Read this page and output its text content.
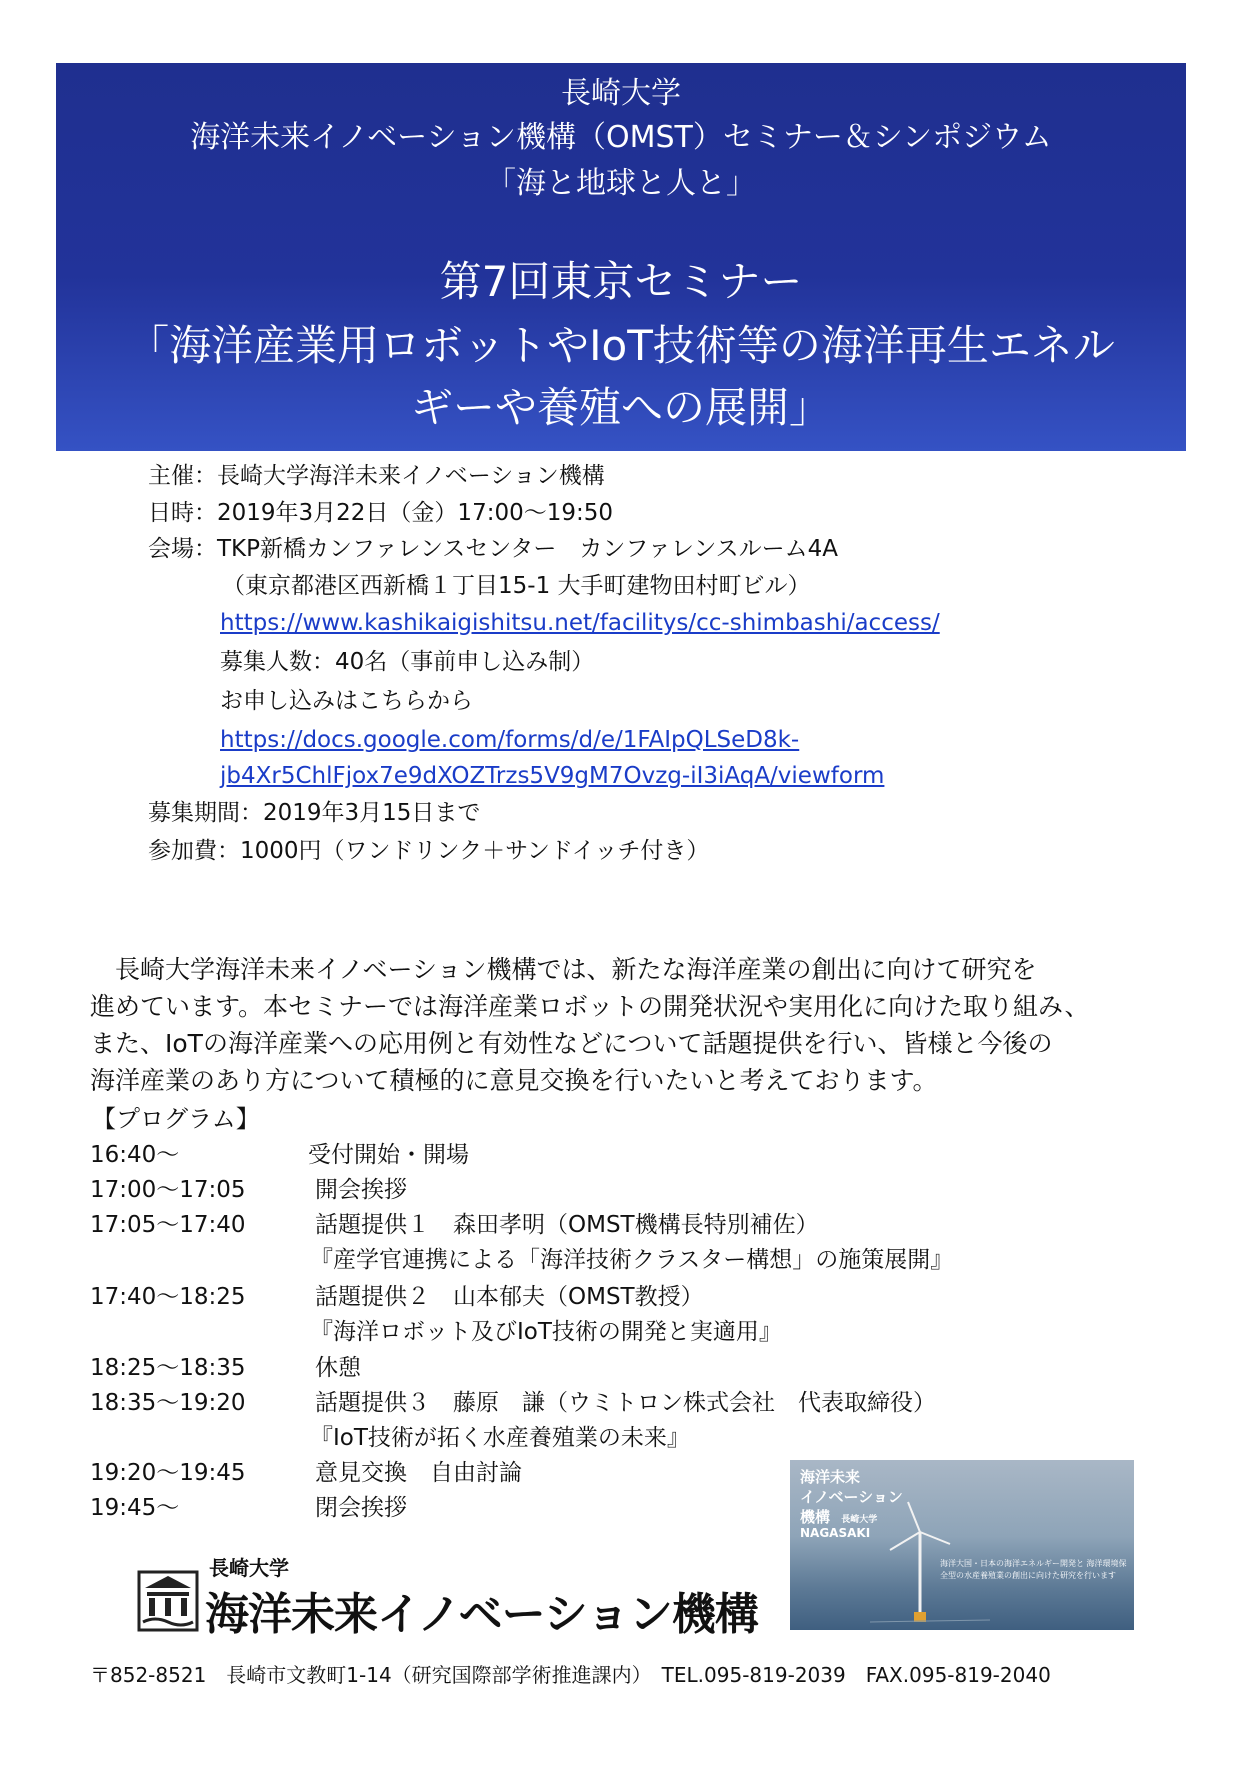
長崎大学
海洋未来イノベーション機構（OMST）セミナー＆シンポジウム
「海と地球と人と」
第7回東京セミナー
「海洋産業用ロボットやIoT技術等の海洋再生エネル
ギーや養殖への展開」
主催：長崎大学海洋未来イノベーション機構
日時：2019年3月22日（金）17:00～19:50
会場：TKP新橋カンファレンスセンター　カンファレンスルーム4A
（東京都港区西新橋１丁目15-1 大手町建物田村町ビル）
https://www.kashikaigishitsu.net/facilitys/cc-shimbashi/access/
募集人数：40名（事前申し込み制）
お申し込みはこちらから
https://docs.google.com/forms/d/e/1FAIpQLSeD8k-
jb4Xr5ChlFjox7e9dXOZTrzs5V9gM7Ovzg-iI3iAqA/viewform
募集期間：2019年3月15日まで
参加費：1000円（ワンドリンク＋サンドイッチ付き）

長崎大学海洋未来イノベーション機構では、新たな海洋産業の創出に向けて研究を

進めています。本セミナーでは海洋産業ロボットの開発状況や実用化に向けた取り組み、
また、IoTの海洋産業への応用例と有効性などについて話題提供を行い、皆様と今後の
海洋産業のあり方について積極的に意見交換を行いたいと考えております。
【プログラム】
16:40～	受付開始・開場
17:00～17:05	開会挨拶
17:05～17:40	話題提供１　森田孝明（OMST機構長特別補佐）
『産学官連携による「海洋技術クラスター構想」の施策展開』
17:40～18:25	話題提供２　山本郁夫（OMST教授）
『海洋ロボット及びIoT技術の開発と実適用』
18:25～18:35	休憩
18:35～19:20	話題提供３　藤原　謙（ウミトロン株式会社　代表取締役）
『IoT技術が拓く水産養殖業の未来』
19:20～19:45	意見交換　自由討論
19:45～	閉会挨拶
長崎大学
海洋未来イノベーション機構
海洋未来
イノベーション
機構 長崎大学
NAGASAKI
海洋大国・日本の海洋エネルギー開発と 海洋環境保全型の水産養殖業の創出に向けた研究を行います
〒852-8521　長崎市文教町1-14（研究国際部学術推進課内）　TEL.095-819-2039　FAX.095-819-2040
